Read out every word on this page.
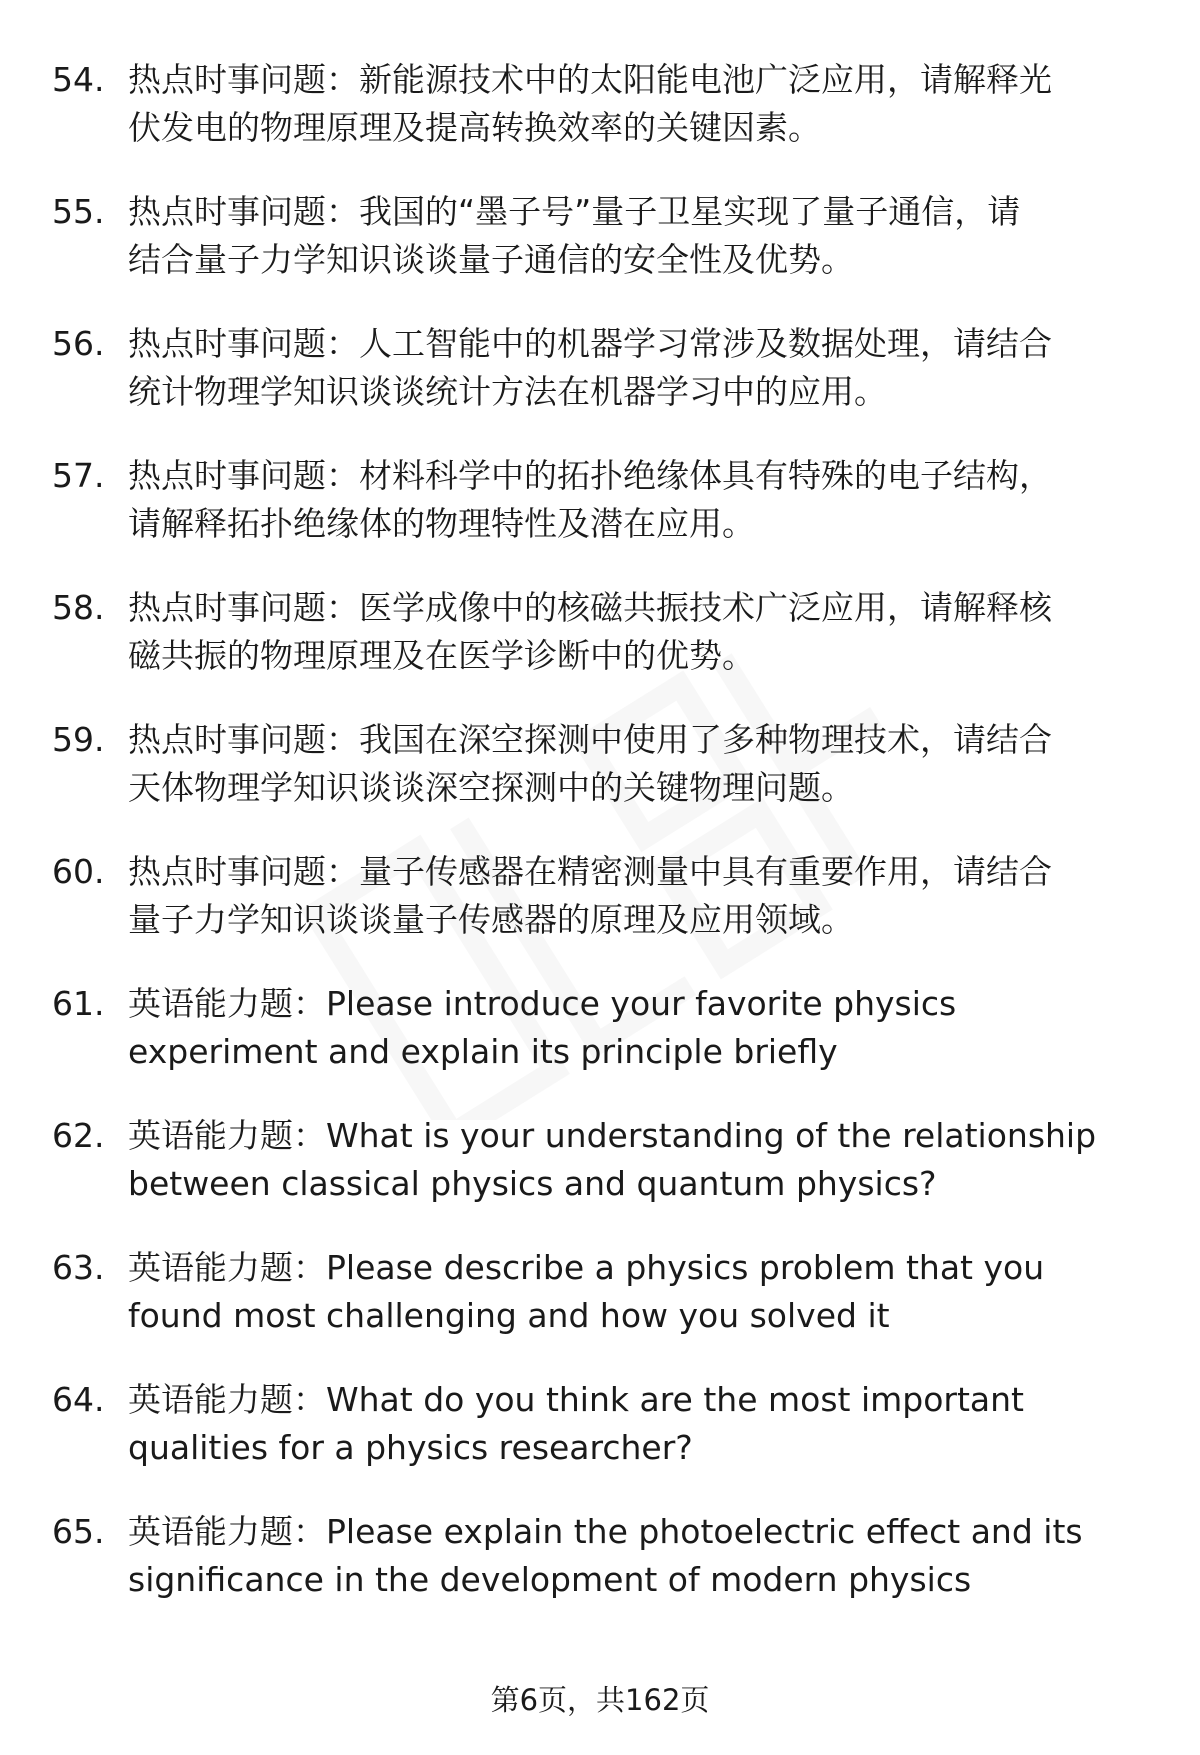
54. 热点时事问题：新能源技术中的太阳能电池广泛应用，请解释光
伏发电的物理原理及提高转换效率的关键因素。

55. 热点时事问题：我国的“墨子号”量子卫星实现了量子通信，请
结合量子力学知识谈谈量子通信的安全性及优势。

56. 热点时事问题：人工智能中的机器学习常涉及数据处理，请结合
统计物理学知识谈谈统计方法在机器学习中的应用。

57. 热点时事问题：材料科学中的拓扑绝缘体具有特殊的电子结构，
请解释拓扑绝缘体的物理特性及潜在应用。

58. 热点时事问题：医学成像中的核磁共振技术广泛应用，请解释核
磁共振的物理原理及在医学诊断中的优势。

59. 热点时事问题：我国在深空探测中使用了多种物理技术，请结合
天体物理学知识谈谈深空探测中的关键物理问题。

60. 热点时事问题：量子传感器在精密测量中具有重要作用，请结合
量子力学知识谈谈量子传感器的原理及应用领域。

61. 英语能力题：Please introduce your favorite physics
experiment and explain its principle briefly

62. 英语能力题：What is your understanding of the relationship
between classical physics and quantum physics?

63. 英语能力题：Please describe a physics problem that you
found most challenging and how you solved it

64. 英语能力题：What do you think are the most important
qualities for a physics researcher?

65. 英语能力题：Please explain the photoelectric effect and its
significance in the development of modern physics

第6页，共162页
